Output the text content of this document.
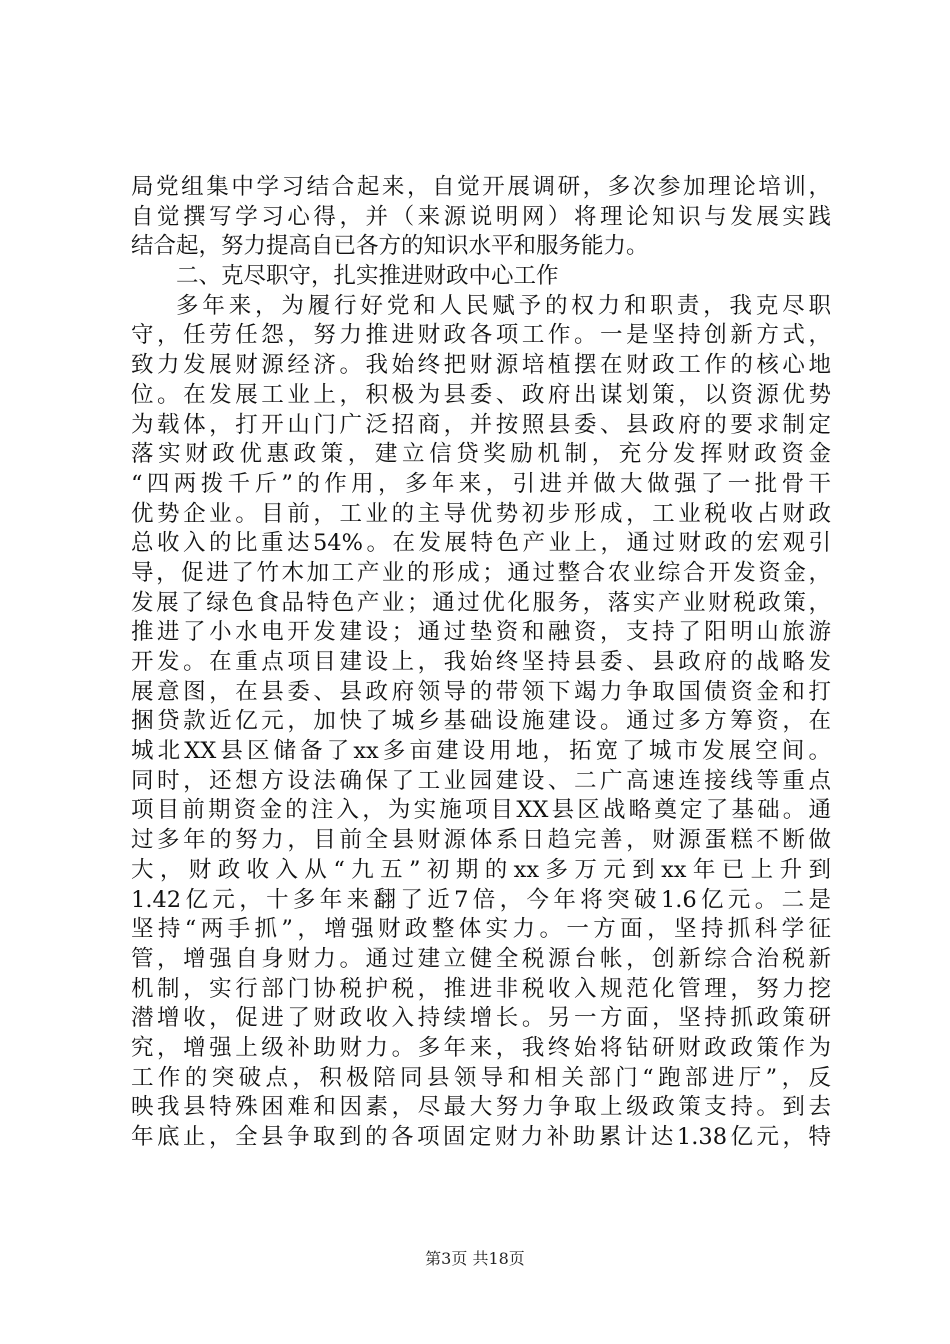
局党组集中学习结合起来，自觉开展调研，多次参加理论培训，
自觉撰写学习心得，并（来源说明网）将理论知识与发展实践
结合起，努力提高自已各方的知识水平和服务能力。
二、克尽职守，扎实推进财政中心工作
多年来，为履行好党和人民赋予的权力和职责，我克尽职
守，任劳任怨，努力推进财政各项工作。一是坚持创新方式，
致力发展财源经济。我始终把财源培植摆在财政工作的核心地
位。在发展工业上，积极为县委、政府出谋划策，以资源优势
为载体，打开山门广泛招商，并按照县委、县政府的要求制定
落实财政优惠政策，建立信贷奖励机制，充分发挥财政资金
“四两拨千斤”的作用，多年来，引进并做大做强了一批骨干
优势企业。目前，工业的主导优势初步形成，工业税收占财政
总收入的比重达54%。在发展特色产业上，通过财政的宏观引
导，促进了竹木加工产业的形成；通过整合农业综合开发资金，
发展了绿色食品特色产业；通过优化服务，落实产业财税政策，
推进了小水电开发建设；通过垫资和融资，支持了阳明山旅游
开发。在重点项目建设上，我始终坚持县委、县政府的战略发
展意图，在县委、县政府领导的带领下竭力争取国债资金和打
捆贷款近亿元，加快了城乡基础设施建设。通过多方筹资，在
城北XX县区储备了xx多亩建设用地，拓宽了城市发展空间。
同时，还想方设法确保了工业园建设、二广高速连接线等重点
项目前期资金的注入，为实施项目XX县区战略奠定了基础。通
过多年的努力，目前全县财源体系日趋完善，财源蛋糕不断做
大，财政收入从“九五”初期的xx多万元到xx年已上升到
1.42亿元，十多年来翻了近7倍，今年将突破1.6亿元。二是
坚持“两手抓”，增强财政整体实力。一方面，坚持抓科学征
管，增强自身财力。通过建立健全税源台帐，创新综合治税新
机制，实行部门协税护税，推进非税收入规范化管理，努力挖
潜增收，促进了财政收入持续增长。另一方面，坚持抓政策研
究，增强上级补助财力。多年来，我终始将钻研财政政策作为
工作的突破点，积极陪同县领导和相关部门“跑部进厅”，反
映我县特殊困难和因素，尽最大努力争取上级政策支持。到去
年底止，全县争取到的各项固定财力补助累计达1.38亿元，特
第3页 共18页
